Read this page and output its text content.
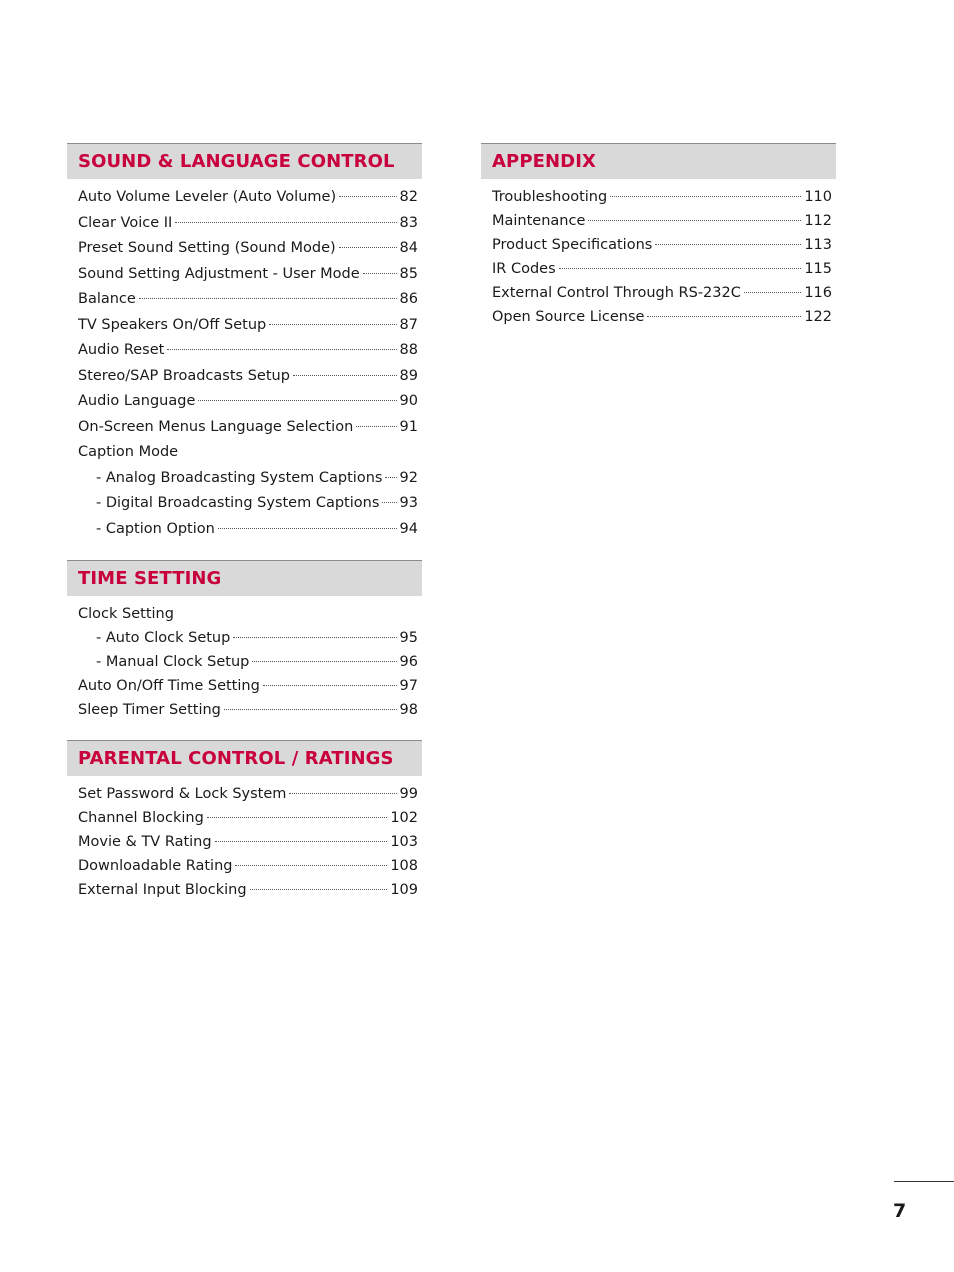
SOUND & LANGUAGE CONTROL
Auto Volume Leveler (Auto Volume)	82
Clear Voice II	83
Preset Sound Setting (Sound Mode)	84
Sound Setting Adjustment - User Mode	85
Balance	86
TV Speakers On/Off Setup	87
Audio Reset	88
Stereo/SAP Broadcasts Setup	89
Audio Language	90
On-Screen Menus Language Selection	91
Caption Mode
- Analog Broadcasting System Captions 92
- Digital Broadcasting System Captions 93
- Caption Option	94
TIME SETTING
Clock Setting
- Auto Clock Setup	95
- Manual Clock Setup	96
Auto On/Off Time Setting	97
Sleep Timer Setting	98
PARENTAL CONTROL / RATINGS
Set Password & Lock System	99
Channel Blocking	102
Movie & TV Rating	103
Downloadable Rating	108
External Input Blocking	109
APPENDIX
Troubleshooting	110
Maintenance	112
Product Specifications	113
IR Codes	115
External Control Through RS-232C	116
Open Source License	122
7
